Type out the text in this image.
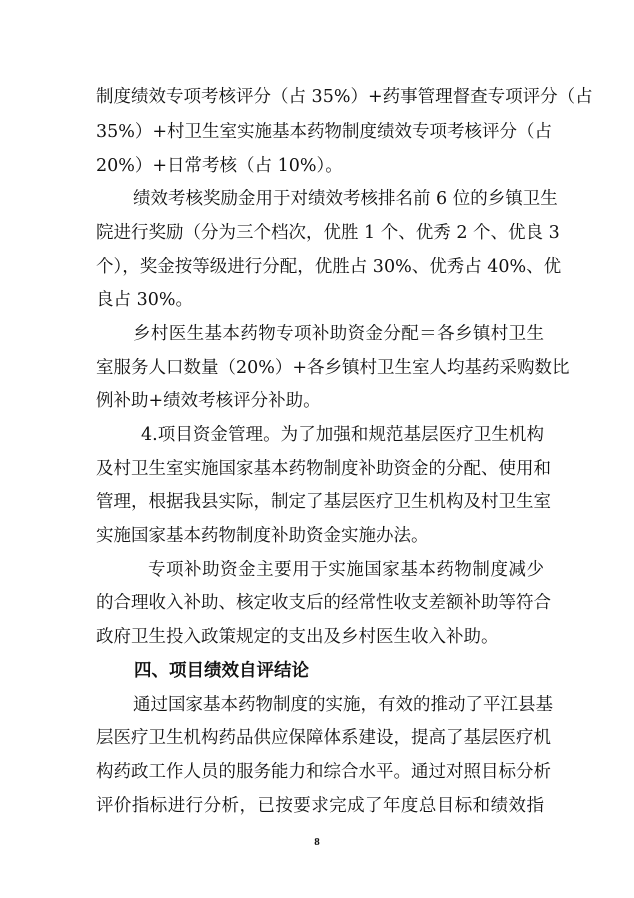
制度绩效专项考核评分（占 35%）+药事管理督查专项评分（占
35%）+村卫生室实施基本药物制度绩效专项考核评分（占
20%）+日常考核（占 10%）。
绩效考核奖励金用于对绩效考核排名前 6 位的乡镇卫生
院进行奖励（分为三个档次，优胜 1 个、优秀 2 个、优良 3
个），奖金按等级进行分配，优胜占 30%、优秀占 40%、优
良占 30%。
乡村医生基本药物专项补助资金分配＝各乡镇村卫生
室服务人口数量（20%）+各乡镇村卫生室人均基药采购数比
例补助+绩效考核评分补助。
4.项目资金管理。为了加强和规范基层医疗卫生机构
及村卫生室实施国家基本药物制度补助资金的分配、使用和
管理，根据我县实际，制定了基层医疗卫生机构及村卫生室
实施国家基本药物制度补助资金实施办法。
专项补助资金主要用于实施国家基本药物制度减少
的合理收入补助、核定收支后的经常性收支差额补助等符合
政府卫生投入政策规定的支出及乡村医生收入补助。
四、项目绩效自评结论
通过国家基本药物制度的实施，有效的推动了平江县基
层医疗卫生机构药品供应保障体系建设，提高了基层医疗机
构药政工作人员的服务能力和综合水平。通过对照目标分析
评价指标进行分析，已按要求完成了年度总目标和绩效指
8
